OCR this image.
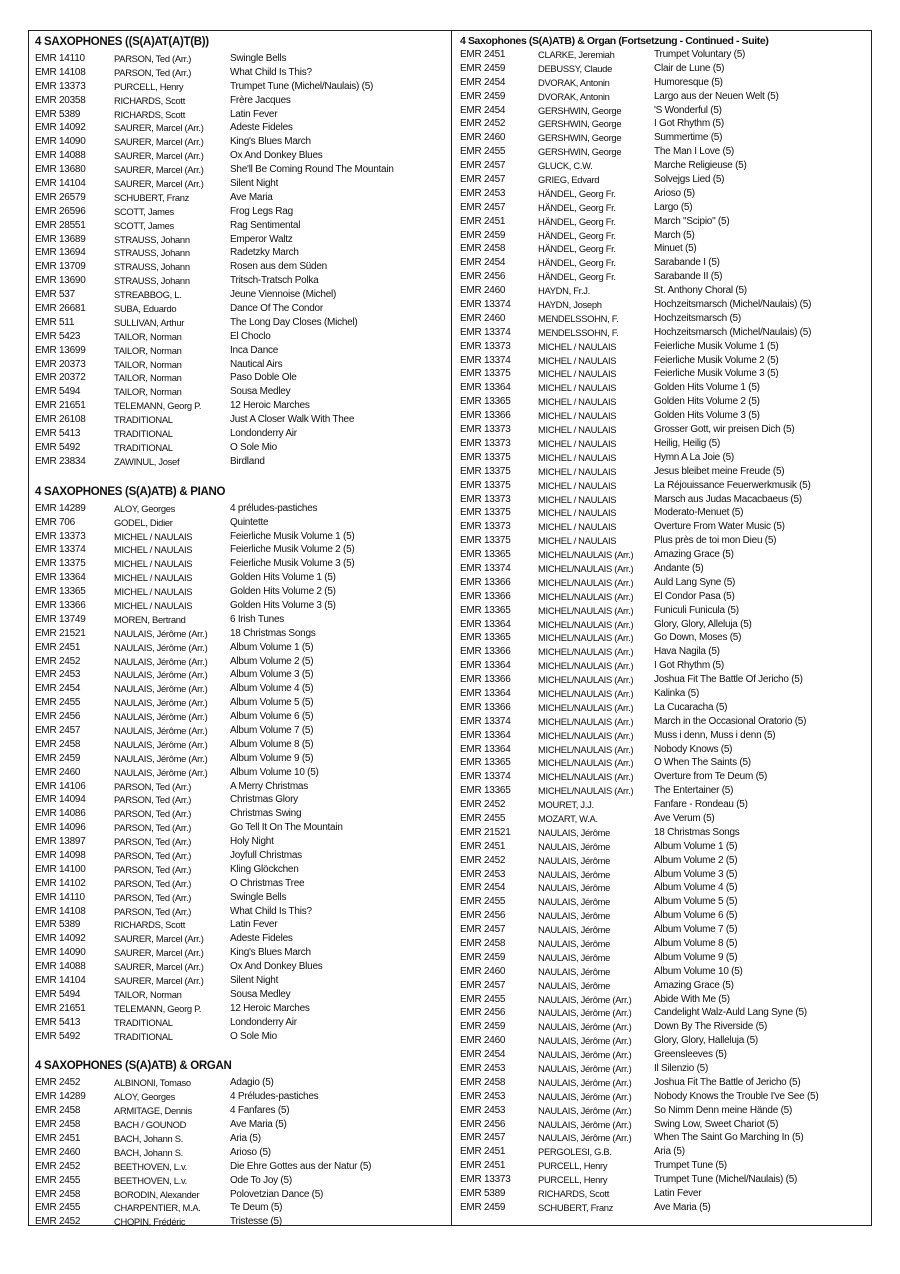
4 SAXOPHONES ((S(A)AT(A)T(B))
EMR 14110	PARSON, Ted (Arr.)	Swingle Bells
EMR 14108	PARSON, Ted (Arr.)	What Child Is This?
EMR 13373	PURCELL, Henry	Trumpet Tune (Michel/Naulais) (5)
EMR 20358	RICHARDS, Scott	Frère Jacques
EMR 5389	RICHARDS, Scott	Latin Fever
EMR 14092	SAURER, Marcel (Arr.)	Adeste Fideles
EMR 14090	SAURER, Marcel (Arr.)	King's Blues March
EMR 14088	SAURER, Marcel (Arr.)	Ox And Donkey Blues
EMR 13680	SAURER, Marcel (Arr.)	She'll Be Coming Round The Mountain
EMR 14104	SAURER, Marcel (Arr.)	Silent Night
EMR 26579	SCHUBERT, Franz	Ave Maria
EMR 26596	SCOTT, James	Frog Legs Rag
EMR 28551	SCOTT, James	Rag Sentimental
EMR 13689	STRAUSS, Johann	Emperor Waltz
EMR 13694	STRAUSS, Johann	Radetzky March
EMR 13709	STRAUSS, Johann	Rosen aus dem Süden
EMR 13690	STRAUSS, Johann	Tritsch-Tratsch Polka
EMR 537	STREABBOG, L.	Jeune Viennoise (Michel)
EMR 26681	SUBA, Eduardo	Dance Of The Condor
EMR 511	SULLIVAN, Arthur	The Long Day Closes (Michel)
EMR 5423	TAILOR, Norman	El Choclo
EMR 13699	TAILOR, Norman	Inca Dance
EMR 20373	TAILOR, Norman	Nautical Airs
EMR 20372	TAILOR, Norman	Paso Doble Ole
EMR 5494	TAILOR, Norman	Sousa Medley
EMR 21651	TELEMANN, Georg P.	12 Heroic Marches
EMR 26108	TRADITIONAL	Just A Closer Walk With Thee
EMR 5413	TRADITIONAL	Londonderry Air
EMR 5492	TRADITIONAL	O Sole Mio
EMR 23834	ZAWINUL, Josef	Birdland
4 SAXOPHONES (S(A)ATB) & PIANO
EMR 14289	ALOY, Georges	4 préludes-pastiches
EMR 706	GODEL, Didier	Quintette
EMR 13373	MICHEL / NAULAIS	Feierliche Musik Volume 1 (5)
EMR 13374	MICHEL / NAULAIS	Feierliche Musik Volume 2 (5)
EMR 13375	MICHEL / NAULAIS	Feierliche Musik Volume 3 (5)
EMR 13364	MICHEL / NAULAIS	Golden Hits Volume 1 (5)
EMR 13365	MICHEL / NAULAIS	Golden Hits Volume 2 (5)
EMR 13366	MICHEL / NAULAIS	Golden Hits Volume 3 (5)
EMR 13749	MOREN, Bertrand	6 Irish Tunes
EMR 21521	NAULAIS, Jérôme (Arr.)	18 Christmas Songs
EMR 2451	NAULAIS, Jérôme (Arr.)	Album Volume 1 (5)
EMR 2452	NAULAIS, Jérôme (Arr.)	Album Volume 2 (5)
EMR 2453	NAULAIS, Jérôme (Arr.)	Album Volume 3 (5)
EMR 2454	NAULAIS, Jérôme (Arr.)	Album Volume 4 (5)
EMR 2455	NAULAIS, Jérôme (Arr.)	Album Volume 5 (5)
EMR 2456	NAULAIS, Jérôme (Arr.)	Album Volume 6 (5)
EMR 2457	NAULAIS, Jérôme (Arr.)	Album Volume 7 (5)
EMR 2458	NAULAIS, Jérôme (Arr.)	Album Volume 8 (5)
EMR 2459	NAULAIS, Jérôme (Arr.)	Album Volume 9 (5)
EMR 2460	NAULAIS, Jérôme (Arr.)	Album Volume 10 (5)
EMR 14106	PARSON, Ted (Arr.)	A Merry Christmas
EMR 14094	PARSON, Ted (Arr.)	Christmas Glory
EMR 14086	PARSON, Ted (Arr.)	Christmas Swing
EMR 14096	PARSON, Ted (Arr.)	Go Tell It On The Mountain
EMR 13897	PARSON, Ted (Arr.)	Holy Night
EMR 14098	PARSON, Ted (Arr.)	Joyfull Christmas
EMR 14100	PARSON, Ted (Arr.)	Kling Glöckchen
EMR 14102	PARSON, Ted (Arr.)	O Christmas Tree
EMR 14110	PARSON, Ted (Arr.)	Swingle Bells
EMR 14108	PARSON, Ted (Arr.)	What Child Is This?
EMR 5389	RICHARDS, Scott	Latin Fever
EMR 14092	SAURER, Marcel (Arr.)	Adeste Fideles
EMR 14090	SAURER, Marcel (Arr.)	King's Blues March
EMR 14088	SAURER, Marcel (Arr.)	Ox And Donkey Blues
EMR 14104	SAURER, Marcel (Arr.)	Silent Night
EMR 5494	TAILOR, Norman	Sousa Medley
EMR 21651	TELEMANN, Georg P.	12 Heroic Marches
EMR 5413	TRADITIONAL	Londonderry Air
EMR 5492	TRADITIONAL	O Sole Mio
4 SAXOPHONES (S(A)ATB) & ORGAN
EMR 2452	ALBINONI, Tomaso	Adagio (5)
EMR 14289	ALOY, Georges	4 Préludes-pastiches
EMR 2458	ARMITAGE, Dennis	4 Fanfares (5)
EMR 2458	BACH / GOUNOD	Ave Maria (5)
EMR 2451	BACH, Johann S.	Aria (5)
EMR 2460	BACH, Johann S.	Arioso (5)
EMR 2452	BEETHOVEN, L.v.	Die Ehre Gottes aus der Natur (5)
EMR 2455	BEETHOVEN, L.v.	Ode To Joy (5)
EMR 2458	BORODIN, Alexander	Polovetzian Dance (5)
EMR 2455	CHARPENTIER, M.A.	Te Deum (5)
EMR 2452	CHOPIN, Frédéric	Tristesse (5)
4 Saxophones (S(A)ATB) & Organ (Fortsetzung - Continued - Suite)
EMR 2451	CLARKE, Jeremiah	Trumpet Voluntary (5)
EMR 2459	DEBUSSY, Claude	Clair de Lune (5)
EMR 2454	DVORAK, Antonin	Humoresque (5)
EMR 2459	DVORAK, Antonin	Largo aus der Neuen Welt (5)
EMR 2454	GERSHWIN, George	'S Wonderful (5)
EMR 2452	GERSHWIN, George	I Got Rhythm (5)
EMR 2460	GERSHWIN, George	Summertime (5)
EMR 2455	GERSHWIN, George	The Man I Love (5)
EMR 2457	GLUCK, C.W.	Marche Religieuse (5)
EMR 2457	GRIEG, Edvard	Solvejgs Lied (5)
EMR 2453	HÄNDEL, Georg Fr.	Arioso (5)
EMR 2457	HÄNDEL, Georg Fr.	Largo (5)
EMR 2451	HÄNDEL, Georg Fr.	March "Scipio" (5)
EMR 2459	HÄNDEL, Georg Fr.	March (5)
EMR 2458	HÄNDEL, Georg Fr.	Minuet (5)
EMR 2454	HÄNDEL, Georg Fr.	Sarabande I (5)
EMR 2456	HÄNDEL, Georg Fr.	Sarabande II (5)
EMR 2460	HAYDN, Fr.J.	St. Anthony Choral (5)
EMR 13374	HAYDN, Joseph	Hochzeitsmarsch (Michel/Naulais) (5)
EMR 2460	MENDELSSOHN, F.	Hochzeitsmarsch (5)
EMR 13374	MENDELSSOHN, F.	Hochzeitsmarsch (Michel/Naulais) (5)
EMR 13373	MICHEL / NAULAIS	Feierliche Musik Volume 1 (5)
EMR 13374	MICHEL / NAULAIS	Feierliche Musik Volume 2 (5)
EMR 13375	MICHEL / NAULAIS	Feierliche Musik Volume 3 (5)
EMR 13364	MICHEL / NAULAIS	Golden Hits Volume 1 (5)
EMR 13365	MICHEL / NAULAIS	Golden Hits Volume 2 (5)
EMR 13366	MICHEL / NAULAIS	Golden Hits Volume 3 (5)
EMR 13373	MICHEL / NAULAIS	Grosser Gott, wir preisen Dich (5)
EMR 13373	MICHEL / NAULAIS	Heilig, Heilig (5)
EMR 13375	MICHEL / NAULAIS	Hymn A La Joie (5)
EMR 13375	MICHEL / NAULAIS	Jesus bleibet meine Freude (5)
EMR 13375	MICHEL / NAULAIS	La Réjouissance Feuerwerkmusik (5)
EMR 13373	MICHEL / NAULAIS	Marsch aus Judas Macacbaeus (5)
EMR 13375	MICHEL / NAULAIS	Moderato-Menuet (5)
EMR 13373	MICHEL / NAULAIS	Overture From Water Music (5)
EMR 13375	MICHEL / NAULAIS	Plus près de toi mon Dieu (5)
EMR 13365	MICHEL/NAULAIS (Arr.)	Amazing Grace (5)
EMR 13374	MICHEL/NAULAIS (Arr.)	Andante (5)
EMR 13366	MICHEL/NAULAIS (Arr.)	Auld Lang Syne (5)
EMR 13366	MICHEL/NAULAIS (Arr.)	El Condor Pasa (5)
EMR 13365	MICHEL/NAULAIS (Arr.)	Funiculi Funicula (5)
EMR 13364	MICHEL/NAULAIS (Arr.)	Glory, Glory, Alleluja (5)
EMR 13365	MICHEL/NAULAIS (Arr.)	Go Down, Moses (5)
EMR 13366	MICHEL/NAULAIS (Arr.)	Hava Nagila (5)
EMR 13364	MICHEL/NAULAIS (Arr.)	I Got Rhythm (5)
EMR 13366	MICHEL/NAULAIS (Arr.)	Joshua Fit The Battle Of Jericho (5)
EMR 13364	MICHEL/NAULAIS (Arr.)	Kalinka (5)
EMR 13366	MICHEL/NAULAIS (Arr.)	La Cucaracha (5)
EMR 13374	MICHEL/NAULAIS (Arr.)	March in the Occasional Oratorio (5)
EMR 13364	MICHEL/NAULAIS (Arr.)	Muss i denn, Muss i denn (5)
EMR 13364	MICHEL/NAULAIS (Arr.)	Nobody Knows (5)
EMR 13365	MICHEL/NAULAIS (Arr.)	O When The Saints (5)
EMR 13374	MICHEL/NAULAIS (Arr.)	Overture from Te Deum (5)
EMR 13365	MICHEL/NAULAIS (Arr.)	The Entertainer (5)
EMR 2452	MOURET, J.J.	Fanfare - Rondeau (5)
EMR 2455	MOZART, W.A.	Ave Verum (5)
EMR 21521	NAULAIS, Jérôme	18 Christmas Songs
EMR 2451	NAULAIS, Jérôme	Album Volume 1 (5)
EMR 2452	NAULAIS, Jérôme	Album Volume 2 (5)
EMR 2453	NAULAIS, Jérôme	Album Volume 3 (5)
EMR 2454	NAULAIS, Jérôme	Album Volume 4 (5)
EMR 2455	NAULAIS, Jérôme	Album Volume 5 (5)
EMR 2456	NAULAIS, Jérôme	Album Volume 6 (5)
EMR 2457	NAULAIS, Jérôme	Album Volume 7 (5)
EMR 2458	NAULAIS, Jérôme	Album Volume 8 (5)
EMR 2459	NAULAIS, Jérôme	Album Volume 9 (5)
EMR 2460	NAULAIS, Jérôme	Album Volume 10 (5)
EMR 2457	NAULAIS, Jérôme	Amazing Grace (5)
EMR 2455	NAULAIS, Jérôme (Arr.)	Abide With Me (5)
EMR 2456	NAULAIS, Jérôme (Arr.)	Candelight Walz-Auld Lang Syne (5)
EMR 2459	NAULAIS, Jérôme (Arr.)	Down By The Riverside (5)
EMR 2460	NAULAIS, Jérôme (Arr.)	Glory, Glory, Halleluja (5)
EMR 2454	NAULAIS, Jérôme (Arr.)	Greensleeves (5)
EMR 2453	NAULAIS, Jérôme (Arr.)	Il Silenzio (5)
EMR 2458	NAULAIS, Jérôme (Arr.)	Joshua Fit The Battle of Jericho (5)
EMR 2453	NAULAIS, Jérôme (Arr.)	Nobody Knows the Trouble I've See (5)
EMR 2453	NAULAIS, Jérôme (Arr.)	So Nimm Denn meine Hände (5)
EMR 2456	NAULAIS, Jérôme (Arr.)	Swing Low, Sweet Chariot (5)
EMR 2457	NAULAIS, Jérôme (Arr.)	When The Saint Go Marching In (5)
EMR 2451	PERGOLESI, G.B.	Aria (5)
EMR 2451	PURCELL, Henry	Trumpet Tune (5)
EMR 13373	PURCELL, Henry	Trumpet Tune (Michel/Naulais) (5)
EMR 5389	RICHARDS, Scott	Latin Fever
EMR 2459	SCHUBERT, Franz	Ave Maria (5)
